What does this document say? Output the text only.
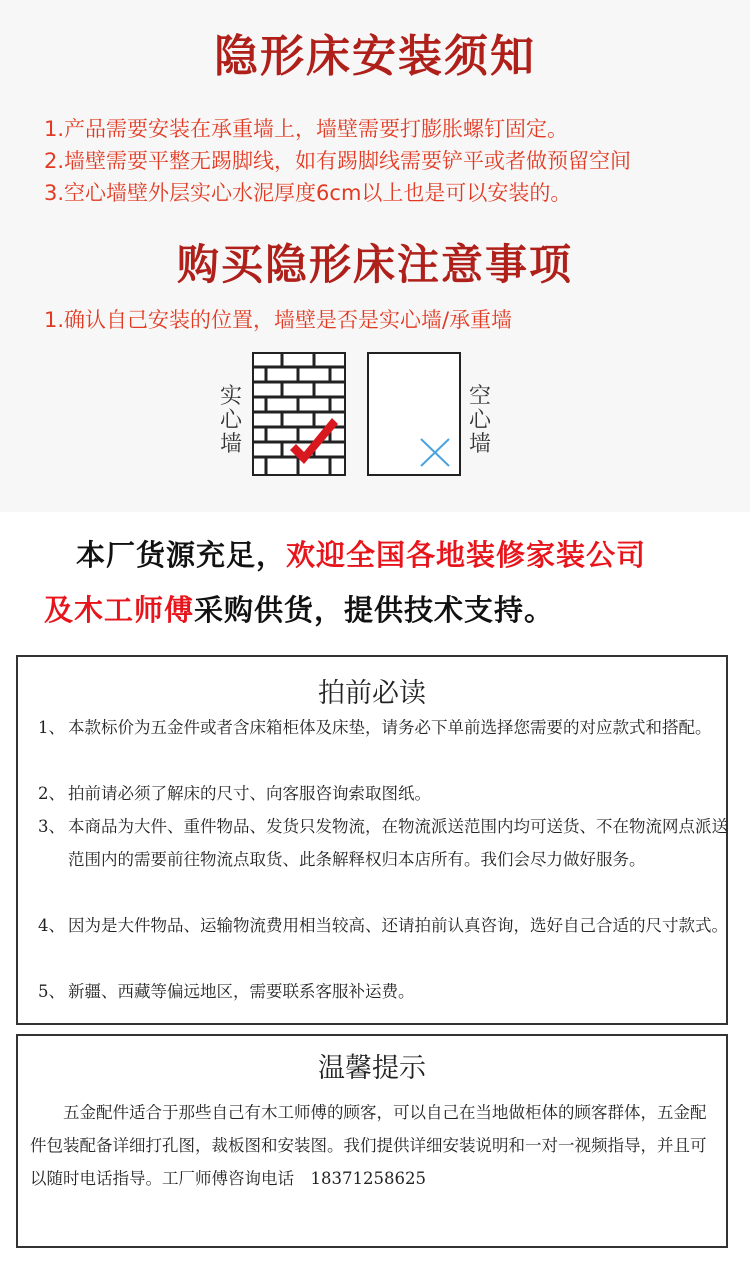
隐形床安装须知
1.产品需要安装在承重墙上，墙壁需要打膨胀螺钉固定。
2.墙壁需要平整无踢脚线，如有踢脚线需要铲平或者做预留空间
3.空心墙壁外层实心水泥厚度6cm以上也是可以安装的。
购买隐形床注意事项
1.确认自己安装的位置，墙壁是否是实心墙/承重墙
实
心
墙
空
心
墙
本厂货源充足，欢迎全国各地装修家装公司
及木工师傅采购供货，提供技术支持。
拍前必读
1、 本款标价为五金件或者含床箱柜体及床垫，请务必下单前选择您需要的对应款式和搭配。
2、 拍前请必须了解床的尺寸、向客服咨询索取图纸。
3、 本商品为大件、重件物品、发货只发物流，在物流派送范围内均可送货、不在物流网点派送范围内的需要前往物流点取货、此条解释权归本店所有。我们会尽力做好服务。
4、 因为是大件物品、运输物流费用相当较高、还请拍前认真咨询，选好自己合适的尺寸款式。
5、 新疆、西藏等偏远地区，需要联系客服补运费。
温馨提示
五金配件适合于那些自己有木工师傅的顾客，可以自己在当地做柜体的顾客群体，五金配件包装配备详细打孔图，裁板图和安装图。我们提供详细安装说明和一对一视频指导，并且可以随时电话指导。工厂师傅咨询电话　18371258625
